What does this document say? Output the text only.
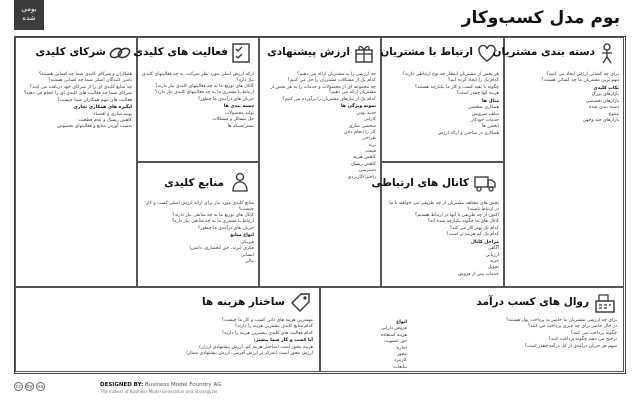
بومی
شده	بوم مدل کسب‌وکار
شرکای کلیدی

همکاران و شرکای کلیدی شما چه کسانی هستند؟

تامین کنندگان اصلی شما چه کسانی هستند؟

چه منابع کلیدی ای را از شرکای خود دریافت می کنید؟

شرکای شما چه فعالیت های کلیدی ای را انجام می دهند؟

فعالیت های مهم همکاران شما چیست؟

انگیزه های همکاری تجاری

بهینه سازی و اقتصاد

کاهش ریسک و عدم قطعیت

بدست آوردن منابع و فعالیتهای بخصوص

فعالیت های کلیدی

ارائه ارزش اصلی مورد نظر شرکت، به چه فعالیتهای کلیدی نیاز دارد؟

کانال های توزیع ما به چه فعالیتهای کلیدی نیاز دارند؟

ارتباط با مشتری ما به چه فعالیتهای کلیدی نیاز دارد؟

جریان های درآمدی ما چطور؟

دسته بندی ها

تولید محصولات

حل مسائل و مشکلات

بستر/شبکه ها

منابع کلیدی

منابع کلیدی مورد نیاز برای ارائه ارزش اصلی کسب و کار چیست؟

کانال های توزیع ما به چه منابعی نیاز دارند؟

ارتباط با مشتری ما به چه منابعی نیاز دارد؟

جریان های درآمدی ما چطور؟

انواع منابع

فیزیکی

فکری (برند، حق انحصاری، دانش)

انسانی

مالی

ارزش پیشنهادی

چه ارزشی را به مشتریان ارائه می دهیم؟

کدام یک از مشکلات مشتریان را حل می کنیم؟

چه مجموعه ای از محصولات و خدمات را به هر بخش از مشتریان ارائه می دهیم؟

کدام یک از نیازهای مشتریان را برآورده می کنیم؟

نمونه ویژگی ها

جدید بودن

کارایی

شخصی سازی

کار را انجام دادن

طراحی

برند

قیمت

کاهش هزینه

کاهش ریسک

دسترسی

راحتی/کاربردی

ارتباط با مشتریان

هر بخش از مشتریان انتظار چه نوع ارتباطی دارند؟

کدام یک را ایجاد کرده ایم؟

چگونه با بقیه کسب و کار ما یکپارچه هستند؟

هزینه آنها چقدر است؟

مثال ها

همکاری شخصی

سلف سرویس

خدمات خودکار

انجمن ها

همکاری در ساختن و ارائه ارزش

کانال های ارتباطی

بخش های مختلف مشتریان از چه طریقی می خواهند با ما در ارتباط باشند؟

اکنون از چه طریقی با آنها در ارتباط هستیم؟

کانال های ما چگونه یکپارچه شده اند؟

کدام یک بهتر کار می کند؟

کدام یک کم هزینه تر است؟

مراحل کانال

آگاهی

ارزیابی

خرید

تحویل

خدمات پس از فروش

دسته بندی مشتریان

برای چه کسانی ارزش ایجاد می کنیم؟

مهم ترین مشتریان ما چه کسانی هستند؟

نکات کلیدی

بازارهای بزرگ

بازارهای تخصصی

دسته بندی شده

متنوع

بازارهای چند وجهی

ساختار هزینه ها

مهمترین هزینه های ذاتی کسب و کار ما چیست؟

کدام منابع کلیدی بیشترین هزینه را دارند؟

کدام فعالیت های کلیدی بیشترین هزینه را دارند؟

آیا کسب و کار شما بیشتر:

هزینه محور است (ساختار هزینه کم، ارزش پیشنهادی ارزان)

ارزش محور است (تمرکز بر ارزش آفرینی، ارزش پیشنهادی ممتاز)

روال های کسب درآمد

برای چه ارزشی مشتریان ما حاضر به پرداخت پول هستند؟

در حال حاضر برای چه چیزی پرداخت می کنند؟

چگونه پرداخت می کنند؟

ترجیح می دهند چگونه پرداخت کنند؟

سهم هر جریان درآمدی از کل درآمد چقدر است؟

انواع

فروش دارایی

هزینه استفاده

حق عضویت

اجاره

مجوز

کارمزد

تبلیغات

cc	by	sa	DESIGNED BY: Business Model Foundry AG
The makers of Business Model Generation and Strategyzer
